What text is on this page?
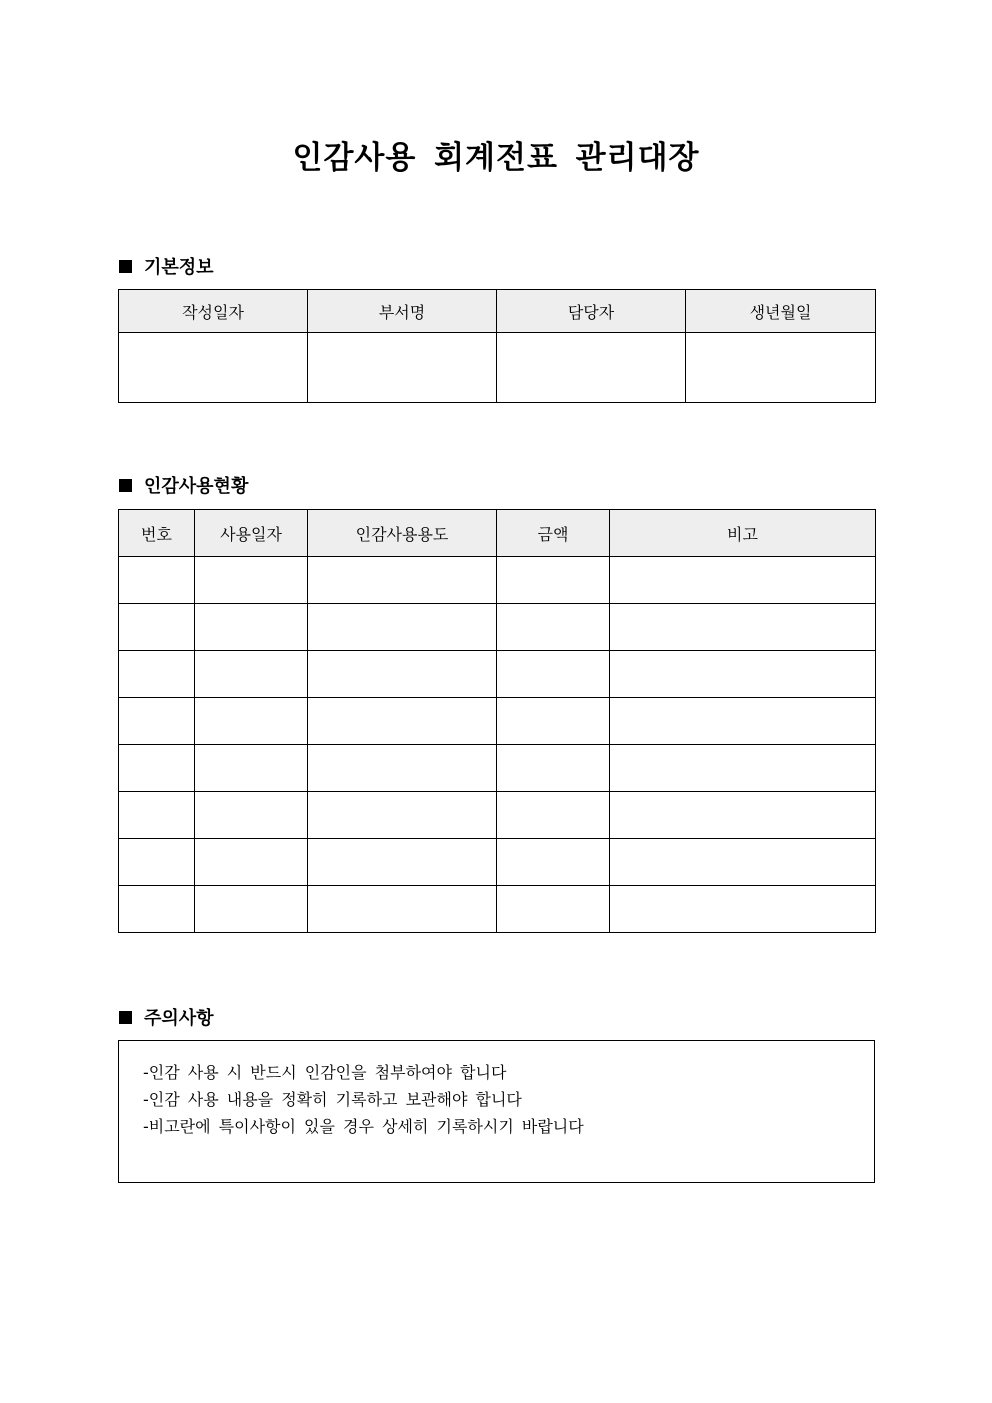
인감사용 회계전표 관리대장
기본정보
작성일자	부서명	담당자	생년월일

인감사용현황
번호	사용일자	인감사용용도	금액	비고

주의사항
-인감 사용 시 반드시 인감인을 첨부하여야 합니다
-인감 사용 내용을 정확히 기록하고 보관해야 합니다
-비고란에 특이사항이 있을 경우 상세히 기록하시기 바랍니다
